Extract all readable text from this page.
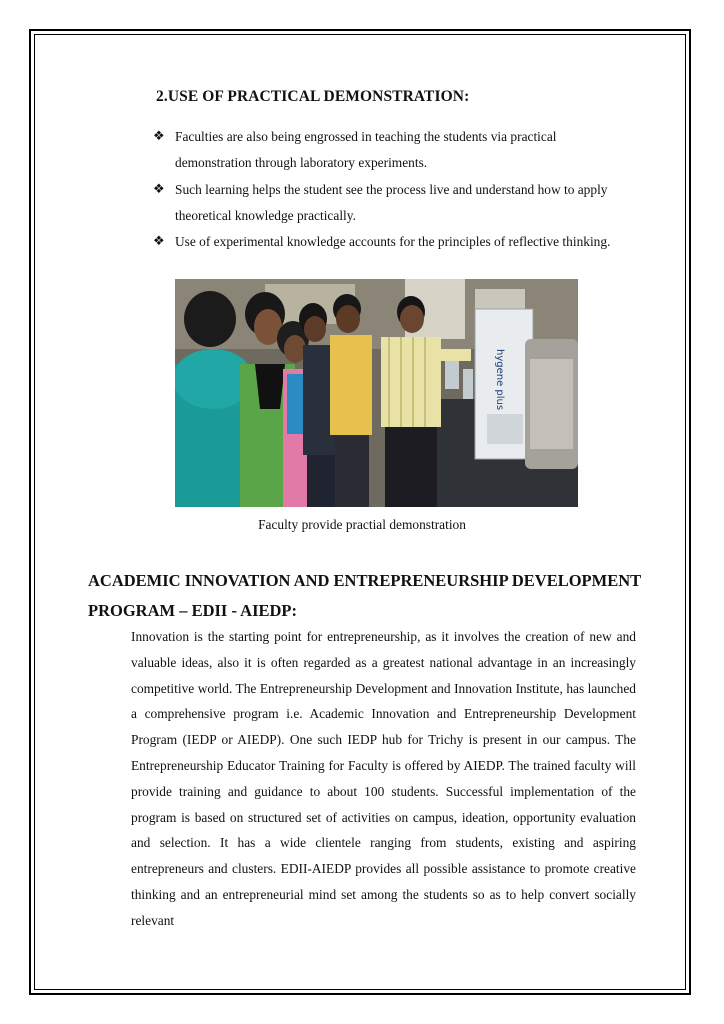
2.USE OF PRACTICAL DEMONSTRATION:
❖ Faculties are also being engrossed in teaching the students via practical demonstration through laboratory experiments.
❖ Such learning helps the student see the process live and understand how to apply theoretical knowledge practically.
❖ Use of experimental knowledge accounts for the principles of reflective thinking.
hygene plus
Faculty provide practial demonstration
ACADEMIC INNOVATION AND ENTREPRENEURSHIP DEVELOPMENT PROGRAM – EDII - AIEDP:

Innovation is the starting point for entrepreneurship, as it involves the creation of new and valuable ideas, also it is often regarded as a greatest national advantage in an increasingly competitive world. The Entrepreneurship Development and Innovation Institute, has launched a comprehensive program i.e. Academic Innovation and Entrepreneurship Development Program (IEDP or AIEDP). One such IEDP hub for Trichy is present in our campus. The Entrepreneurship Educator Training for Faculty is offered by AIEDP. The trained faculty will provide training and guidance to about 100 students. Successful implementation of the program is based on structured set of activities on campus, ideation, opportunity evaluation and selection. It has a wide clientele ranging from students, existing and aspiring entrepreneurs and clusters. EDII-AIEDP provides all possible assistance to promote creative thinking and an entrepreneurial mind set among the students so as to help convert socially relevant
